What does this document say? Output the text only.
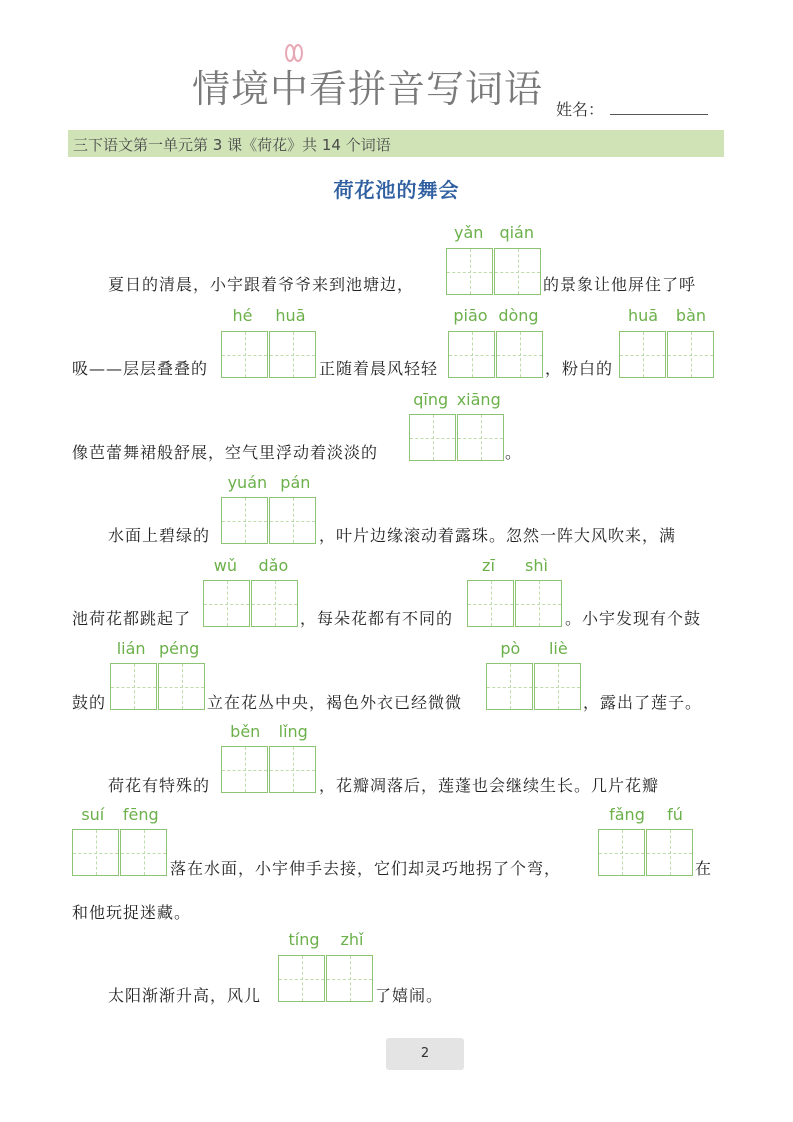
情境中看拼音写词语 姓名：
三下语文第一单元第 3 课《荷花》共 14 个词语
荷花池的舞会
夏日的清晨，小宇跟着爷爷来到池塘边，
yǎn qián
的景象让他屏住了呼
吸——层层叠叠的
hé huā
正随着晨风轻轻
piāo dòng
，粉白的
huā bàn
像芭蕾舞裙般舒展，空气里浮动着淡淡的
qīng xiāng
。
水面上碧绿的
yuán pán
，叶片边缘滚动着露珠。忽然一阵大风吹来，满
池荷花都跳起了
wǔ dǎo
，每朵花都有不同的
zī shì
。小宇发现有个鼓
鼓的
lián péng
立在花丛中央，褐色外衣已经微微
pò liè
，露出了莲子。
荷花有特殊的
běn lǐng
，花瓣凋落后，莲蓬也会继续生长。几片花瓣
suí fēng
落在水面，小宇伸手去接，它们却灵巧地拐了个弯，
fǎng fú
在
和他玩捉迷藏。
太阳渐渐升高，风儿
tíng zhǐ
了嬉闹。
2
